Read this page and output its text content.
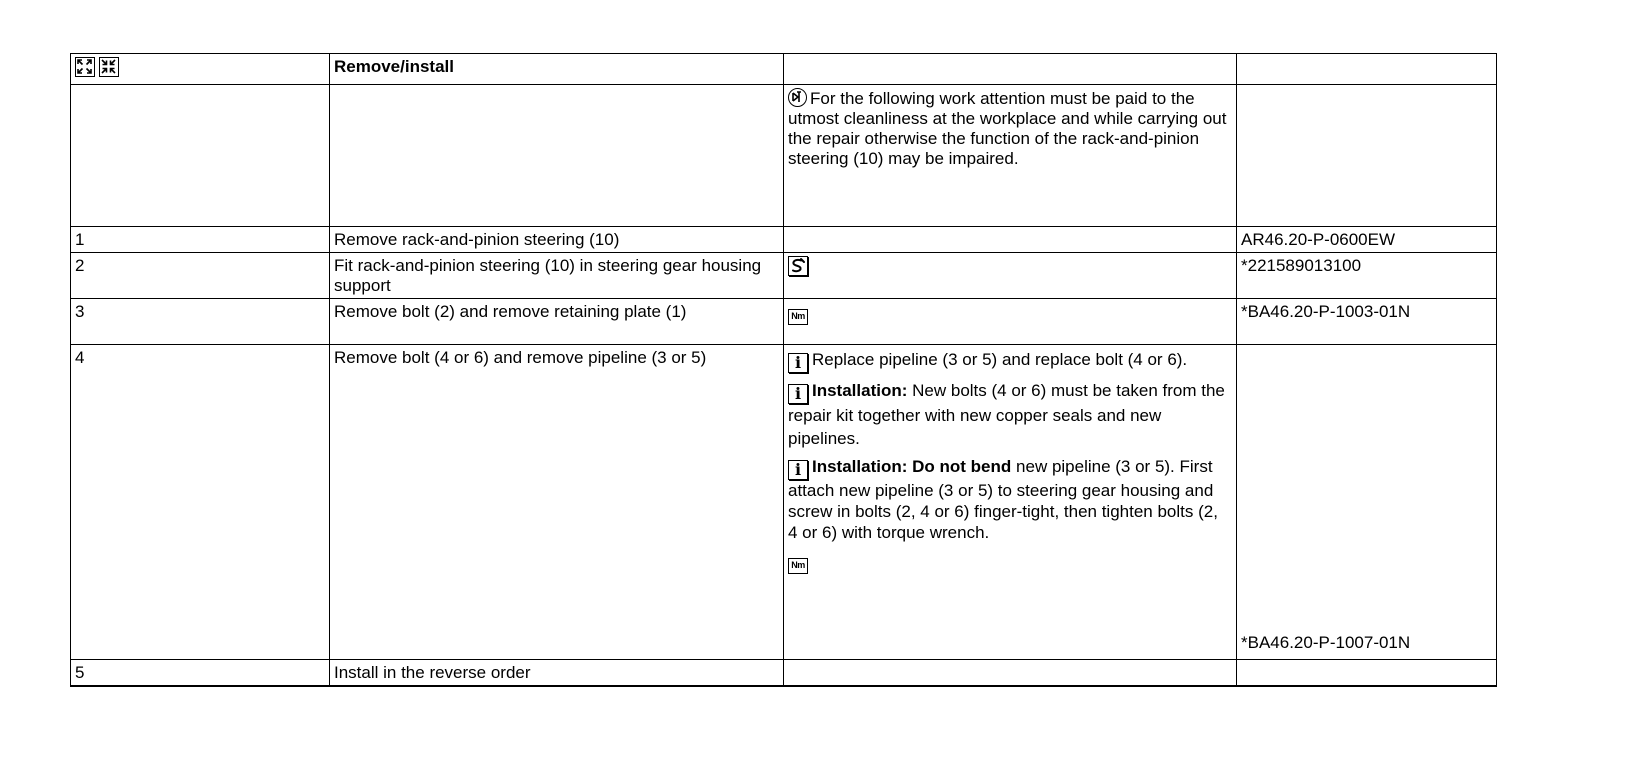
	Remove/install		

For the following work attention must be paid to the utmost cleanliness at the workplace and while carrying out the repair otherwise the function of the rack-and-pinion steering (10) may be impaired.	
1	Remove rack-and-pinion steering (10)		AR46.20-P-0600EW
2	Fit rack-and-pinion steering (10) in steering gear housing support		*221589013100
3	Remove bolt (2) and remove retaining plate (1)	Nm	*BA46.20-P-1003-01N
4	Remove bolt (4 or 6) and remove pipeline (3 or 5)	i Replace pipeline (3 or 5) and replace bolt (4 or 6).
i Installation: New bolts (4 or 6) must be taken from the repair kit together with new copper seals and new pipelines.
i Installation: Do not bend new pipeline (3 or 5). First attach new pipeline (3 or 5) to steering gear housing and screw in bolts (2, 4 or 6) finger-tight, then tighten bolts (2, 4 or 6) with torque wrench.
Nm	*BA46.20-P-1007-01N
5	Install in the reverse order		
